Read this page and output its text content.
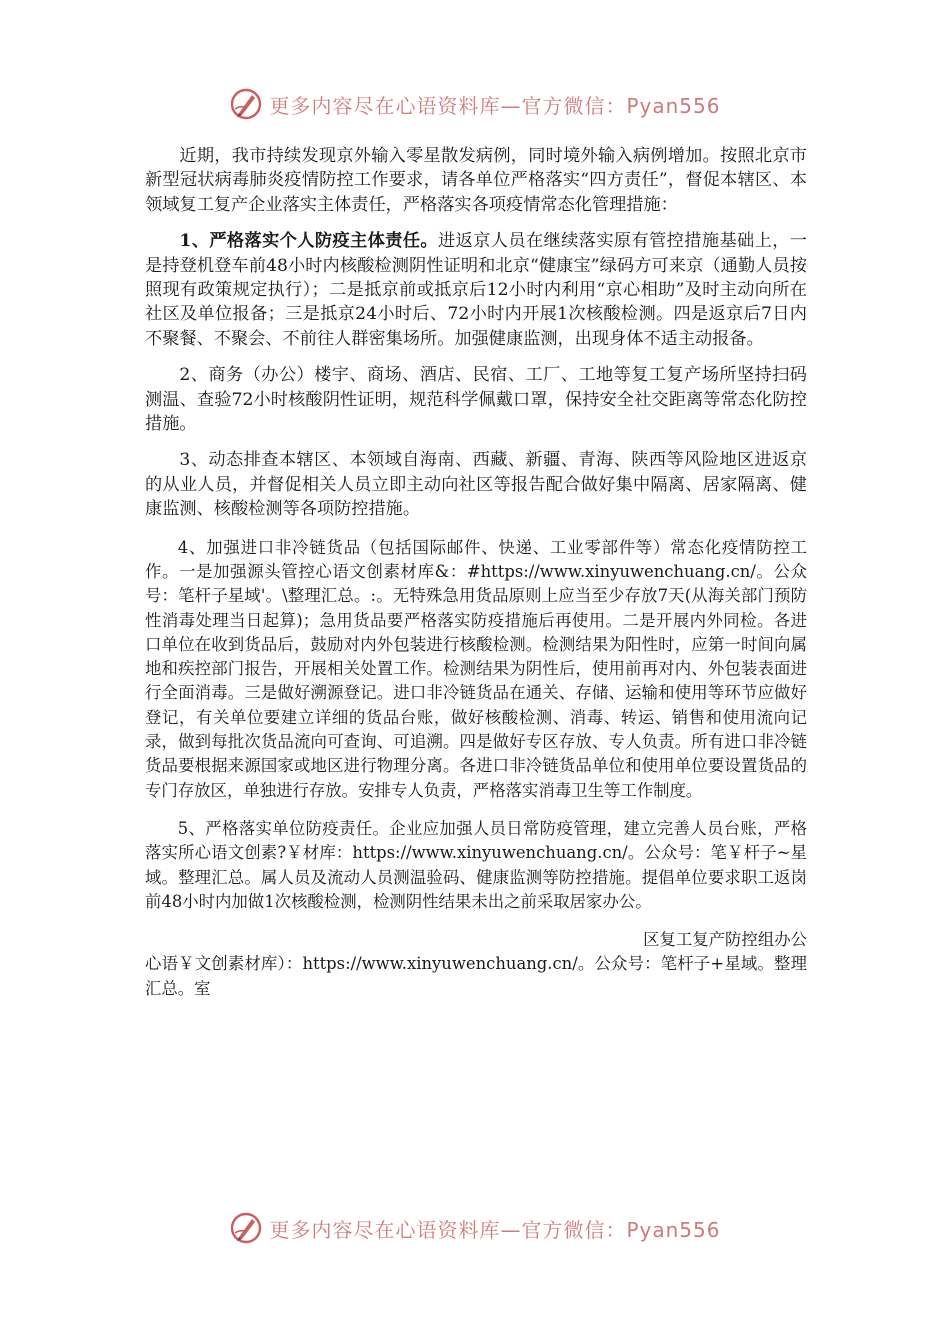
更多内容尽在心语资料库—官方微信：Pyan556

近期，我市持续发现京外输入零星散发病例，同时境外输入病例增加。按照北京市新型冠状病毒肺炎疫情防控工作要求，请各单位严格落实“四方责任”，督促本辖区、本领域复工复产企业落实主体责任，严格落实各项疫情常态化管理措施：

1、严格落实个人防疫主体责任。进返京人员在继续落实原有管控措施基础上，一是持登机登车前48小时内核酸检测阴性证明和北京“健康宝”绿码方可来京（通勤人员按照现有政策规定执行）；二是抵京前或抵京后12小时内利用“京心相助”及时主动向所在社区及单位报备；三是抵京24小时后、72小时内开展1次核酸检测。四是返京后7日内不聚餐、不聚会、不前往人群密集场所。加强健康监测，出现身体不适主动报备。

2、商务（办公）楼宇、商场、酒店、民宿、工厂、工地等复工复产场所坚持扫码测温、查验72小时核酸阴性证明，规范科学佩戴口罩，保持安全社交距离等常态化防控措施。

3、动态排查本辖区、本领域自海南、西藏、新疆、青海、陕西等风险地区进返京的从业人员，并督促相关人员立即主动向社区等报告配合做好集中隔离、居家隔离、健康监测、核酸检测等各项防控措施。

4、加强进口非冷链货品（包括国际邮件、快递、工业零部件等）常态化疫情防控工作。一是加强源头管控心语文创素材库&：#https://www.xinyuwenchuang.cn/。公众号：笔杆子星域'。\整理汇总。:。无特殊急用货品原则上应当至少存放7天(从海关部门预防性消毒处理当日起算)；急用货品要严格落实防疫措施后再使用。二是开展内外同检。各进口单位在收到货品后，鼓励对内外包装进行核酸检测。检测结果为阳性时，应第一时间向属地和疾控部门报告，开展相关处置工作。检测结果为阴性后，使用前再对内、外包装表面进行全面消毒。三是做好溯源登记。进口非冷链货品在通关、存储、运输和使用等环节应做好登记，有关单位要建立详细的货品台账，做好核酸检测、消毒、转运、销售和使用流向记录，做到每批次货品流向可查询、可追溯。四是做好专区存放、专人负责。所有进口非冷链货品要根据来源国家或地区进行物理分离。各进口非冷链货品单位和使用单位要设置货品的专门存放区，单独进行存放。安排专人负责，严格落实消毒卫生等工作制度。

5、严格落实单位防疫责任。企业应加强人员日常防疫管理，建立完善人员台账，严格落实所心语文创素?￥材库：https://www.xinyuwenchuang.cn/。公众号：笔￥杆子~星域。整理汇总。属人员及流动人员测温验码、健康监测等防控措施。提倡单位要求职工返岗前48小时内加做1次核酸检测，检测阴性结果未出之前采取居家办公。

区复工复产防控组办公

心语￥文创素材库）：https://www.xinyuwenchuang.cn/。公众号：笔杆子+星域。整理汇总。室

更多内容尽在心语资料库—官方微信：Pyan556
